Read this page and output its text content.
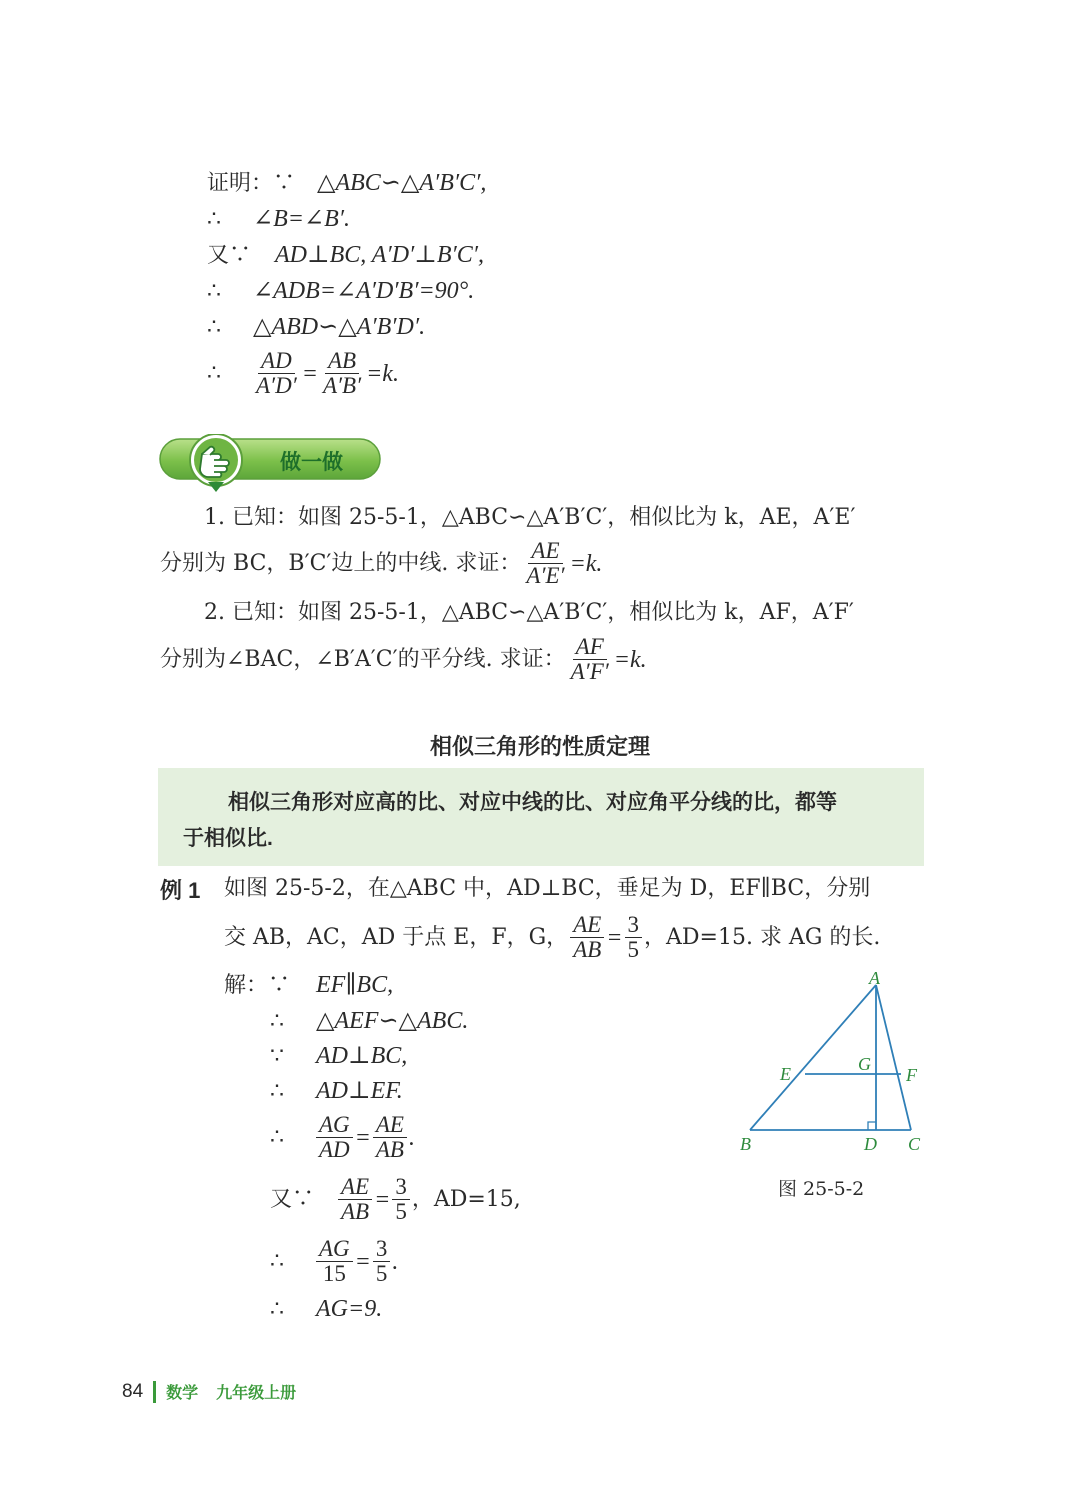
证明：∵ △ABC∽△A′B′C′,
∴ ∠B=∠B′.
又∵ AD⊥BC, A′D′⊥B′C′,
∴ ∠ADB=∠A′D′B′=90°.
∴ △ABD∽△A′B′D′.
∴	$\frac{AD}{A'D'} = \frac{AB}{A'B'} =k$.
做一做
1. 已知：如图 25-5-1，△ABC∽△A′B′C′，相似比为 k，AE，A′E′
分别为 BC，B′C′边上的中线. 求证： $\frac{AE}{A'E'} =k$.
2. 已知：如图 25-5-1，△ABC∽△A′B′C′，相似比为 k，AF，A′F′
分别为∠BAC，∠B′A′C′的平分线. 求证： $\frac{AF}{A'F'} =k$.
相似三角形的性质定理
相似三角形对应高的比、对应中线的比、对应角平分线的比，都等
于相似比.
例 1 如图 25-5-2，在△ABC 中，AD⊥BC，垂足为 D，EF∥BC，分别
交 AB，AC，AD 于点 E，F，G， $\frac{AE}{AB} = \frac{3}{5}$ ，AD=15. 求 AG 的长.
解：∵ EF∥BC,
∴ △AEF∽△ABC.
∵ AD⊥BC,
∴ AD⊥EF.
∴	$\frac{AG}{AD} = \frac{AE}{AB}$ .
又∵	$\frac{AE}{AB} = \frac{3}{5}$ ，AD=15,
∴	$\frac{AG}{15} = \frac{3}{5}$ .
∴ AG=9.
A
B	C
D
E	F
G
图 25-5-2
84 数学 九年级上册
